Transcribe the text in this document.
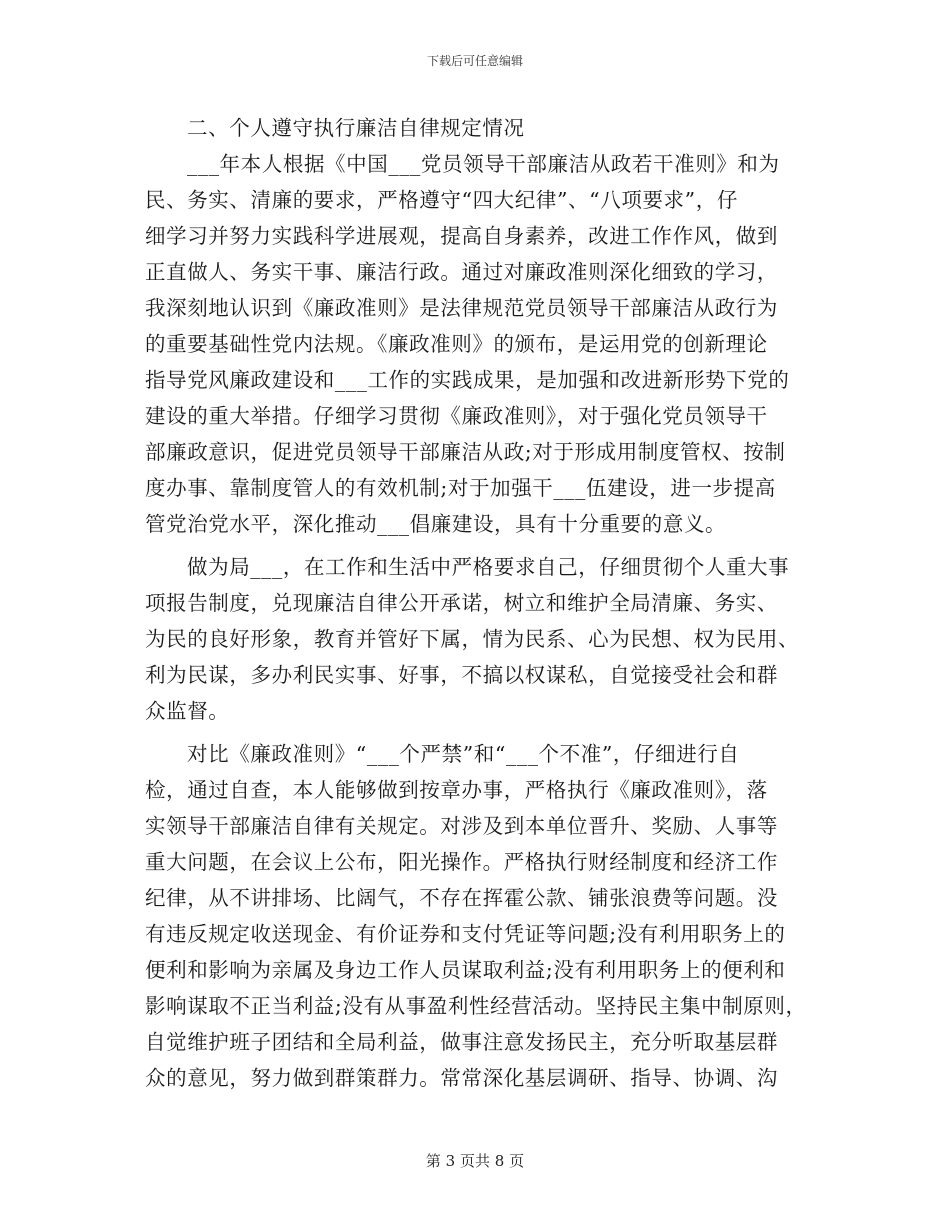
下载后可任意编辑
二、个人遵守执行廉洁自律规定情况
___年本人根据《中国___党员领导干部廉洁从政若干准则》和为
民、务实、清廉的要求，严格遵守“四大纪律”、“八项要求”，仔
细学习并努力实践科学进展观，提高自身素养，改进工作作风，做到
正直做人、务实干事、廉洁行政。通过对廉政准则深化细致的学习，
我深刻地认识到《廉政准则》是法律规范党员领导干部廉洁从政行为
的重要基础性党内法规。《廉政准则》的颁布，是运用党的创新理论
指导党风廉政建设和___工作的实践成果，是加强和改进新形势下党的
建设的重大举措。仔细学习贯彻《廉政准则》，对于强化党员领导干
部廉政意识，促进党员领导干部廉洁从政;对于形成用制度管权、按制
度办事、靠制度管人的有效机制;对于加强干___伍建设，进一步提高
管党治党水平，深化推动___倡廉建设，具有十分重要的意义。
做为局___，在工作和生活中严格要求自己，仔细贯彻个人重大事
项报告制度，兑现廉洁自律公开承诺，树立和维护全局清廉、务实、
为民的良好形象，教育并管好下属，情为民系、心为民想、权为民用、
利为民谋，多办利民实事、好事，不搞以权谋私，自觉接受社会和群
众监督。
对比《廉政准则》“___个严禁”和“___个不准”，仔细进行自
检，通过自查，本人能够做到按章办事，严格执行《廉政准则》，落
实领导干部廉洁自律有关规定。对涉及到本单位晋升、奖励、人事等
重大问题，在会议上公布，阳光操作。严格执行财经制度和经济工作
纪律，从不讲排场、比阔气，不存在挥霍公款、铺张浪费等问题。没
有违反规定收送现金、有价证券和支付凭证等问题;没有利用职务上的
便利和影响为亲属及身边工作人员谋取利益;没有利用职务上的便利和
影响谋取不正当利益;没有从事盈利性经营活动。坚持民主集中制原则，
自觉维护班子团结和全局利益，做事注意发扬民主，充分听取基层群
众的意见，努力做到群策群力。常常深化基层调研、指导、协调、沟
第 3 页共 8 页
